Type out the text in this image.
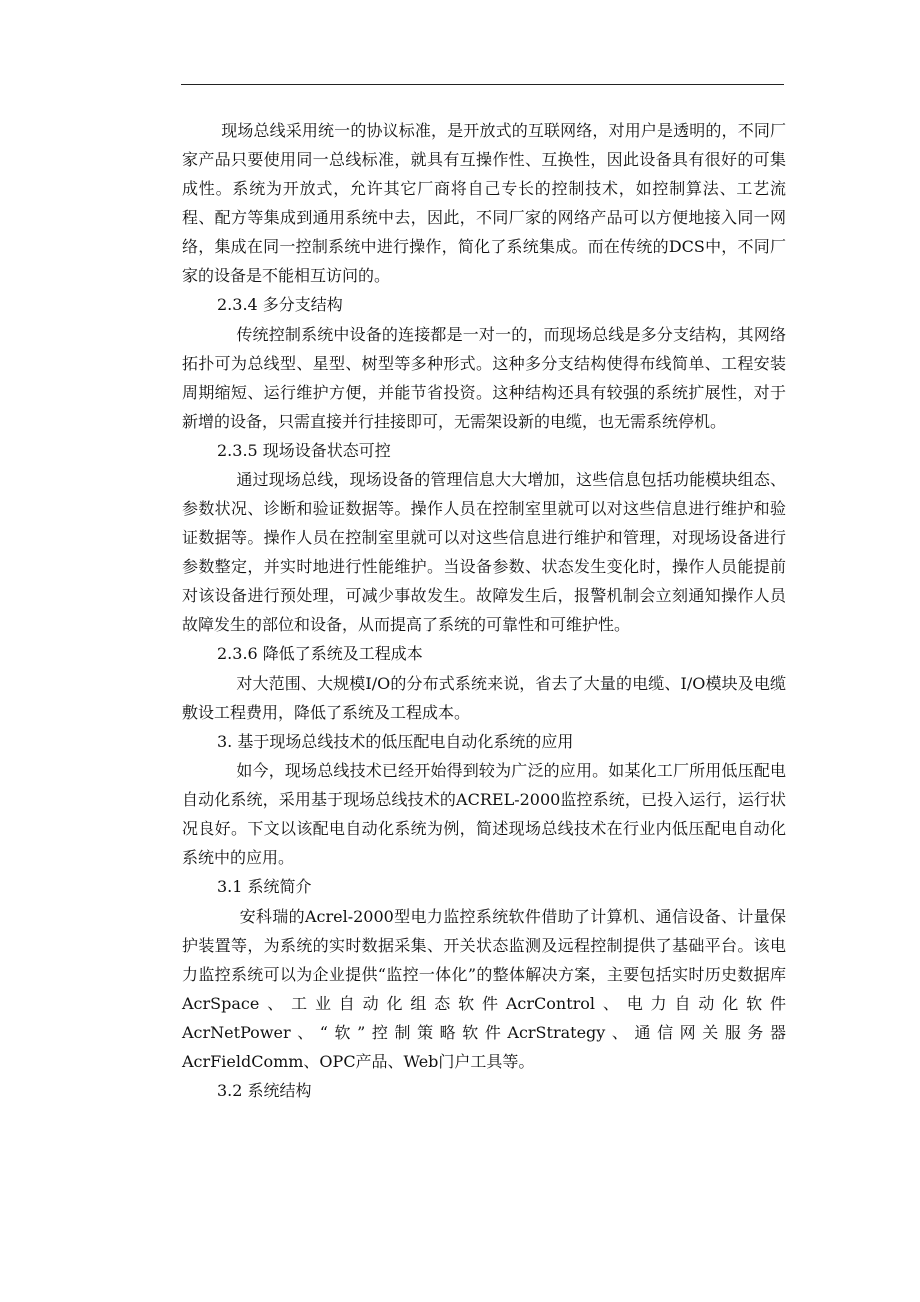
现场总线采用统一的协议标准，是开放式的互联网络，对用户是透明的，不同厂家产品只要使用同一总线标准，就具有互操作性、互换性，因此设备具有很好的可集成性。系统为开放式，允许其它厂商将自己专长的控制技术，如控制算法、工艺流程、配方等集成到通用系统中去，因此，不同厂家的网络产品可以方便地接入同一网络，集成在同一控制系统中进行操作，简化了系统集成。而在传统的DCS中，不同厂家的设备是不能相互访问的。

2.3.4 多分支结构

传统控制系统中设备的连接都是一对一的，而现场总线是多分支结构，其网络拓扑可为总线型、星型、树型等多种形式。这种多分支结构使得布线简单、工程安装周期缩短、运行维护方便，并能节省投资。这种结构还具有较强的系统扩展性，对于新增的设备，只需直接并行挂接即可，无需架设新的电缆，也无需系统停机。

2.3.5 现场设备状态可控

通过现场总线，现场设备的管理信息大大增加，这些信息包括功能模块组态、参数状况、诊断和验证数据等。操作人员在控制室里就可以对这些信息进行维护和验证数据等。操作人员在控制室里就可以对这些信息进行维护和管理，对现场设备进行参数整定，并实时地进行性能维护。当设备参数、状态发生变化时，操作人员能提前对该设备进行预处理，可减少事故发生。故障发生后，报警机制会立刻通知操作人员故障发生的部位和设备，从而提高了系统的可靠性和可维护性。

2.3.6 降低了系统及工程成本

对大范围、大规模I/O的分布式系统来说，省去了大量的电缆、I/O模块及电缆敷设工程费用，降低了系统及工程成本。

3. 基于现场总线技术的低压配电自动化系统的应用

如今，现场总线技术已经开始得到较为广泛的应用。如某化工厂所用低压配电自动化系统，采用基于现场总线技术的ACREL-2000监控系统，已投入运行，运行状况良好。下文以该配电自动化系统为例，简述现场总线技术在行业内低压配电自动化系统中的应用。

3.1 系统简介

安科瑞的Acrel-2000型电力监控系统软件借助了计算机、通信设备、计量保护装置等，为系统的实时数据采集、开关状态监测及远程控制提供了基础平台。该电力监控系统可以为企业提供“监控一体化”的整体解决方案，主要包括实时历史数据库AcrSpace、工业自动化组态软件AcrControl、电力自动化软件AcrNetPower、“软”控制策略软件AcrStrategy、通信网关服务器AcrFieldComm、OPC产品、Web门户工具等。

3.2 系统结构
